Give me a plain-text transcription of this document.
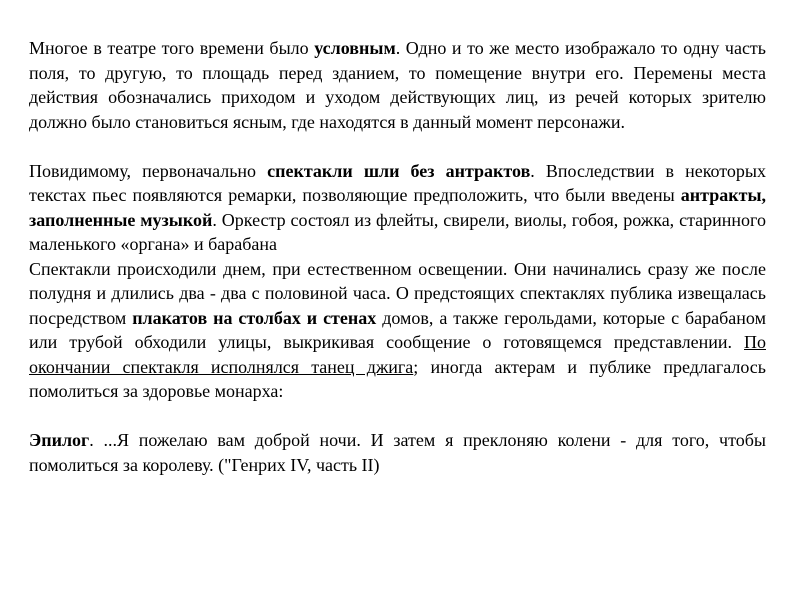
Многое в театре того времени было условным. Одно и то же место изображало то одну часть поля, то другую, то площадь перед зданием, то помещение внутри его. Перемены места действия обозначались приходом и уходом действующих лиц, из речей которых зрителю должно было становиться ясным, где находятся в данный момент персонажи.

Повидимому, первоначально спектакли шли без антрактов. Впоследствии в некоторых текстах пьес появляются ремарки, позволяющие предположить, что были введены антракты, заполненные музыкой. Оркестр состоял из флейты, свирели, виолы, гобоя, рожка, старинного маленького «органа» и барабана

Спектакли происходили днем, при естественном освещении. Они начинались сразу же после полудня и длились два - два с половиной часа. О предстоящих спектаклях публика извещалась посредством плакатов на столбах и стенах домов, а также герольдами, которые с барабаном или трубой обходили улицы, выкрикивая сообщение о готовящемся представлении. По окончании спектакля исполнялся танец джига; иногда актерам и публике предлагалось помолиться за здоровье монарха:

Эпилог. ...Я пожелаю вам доброй ночи. И затем я преклоняю колени - для того, чтобы помолиться за королеву. ("Генрих IV, часть II)
